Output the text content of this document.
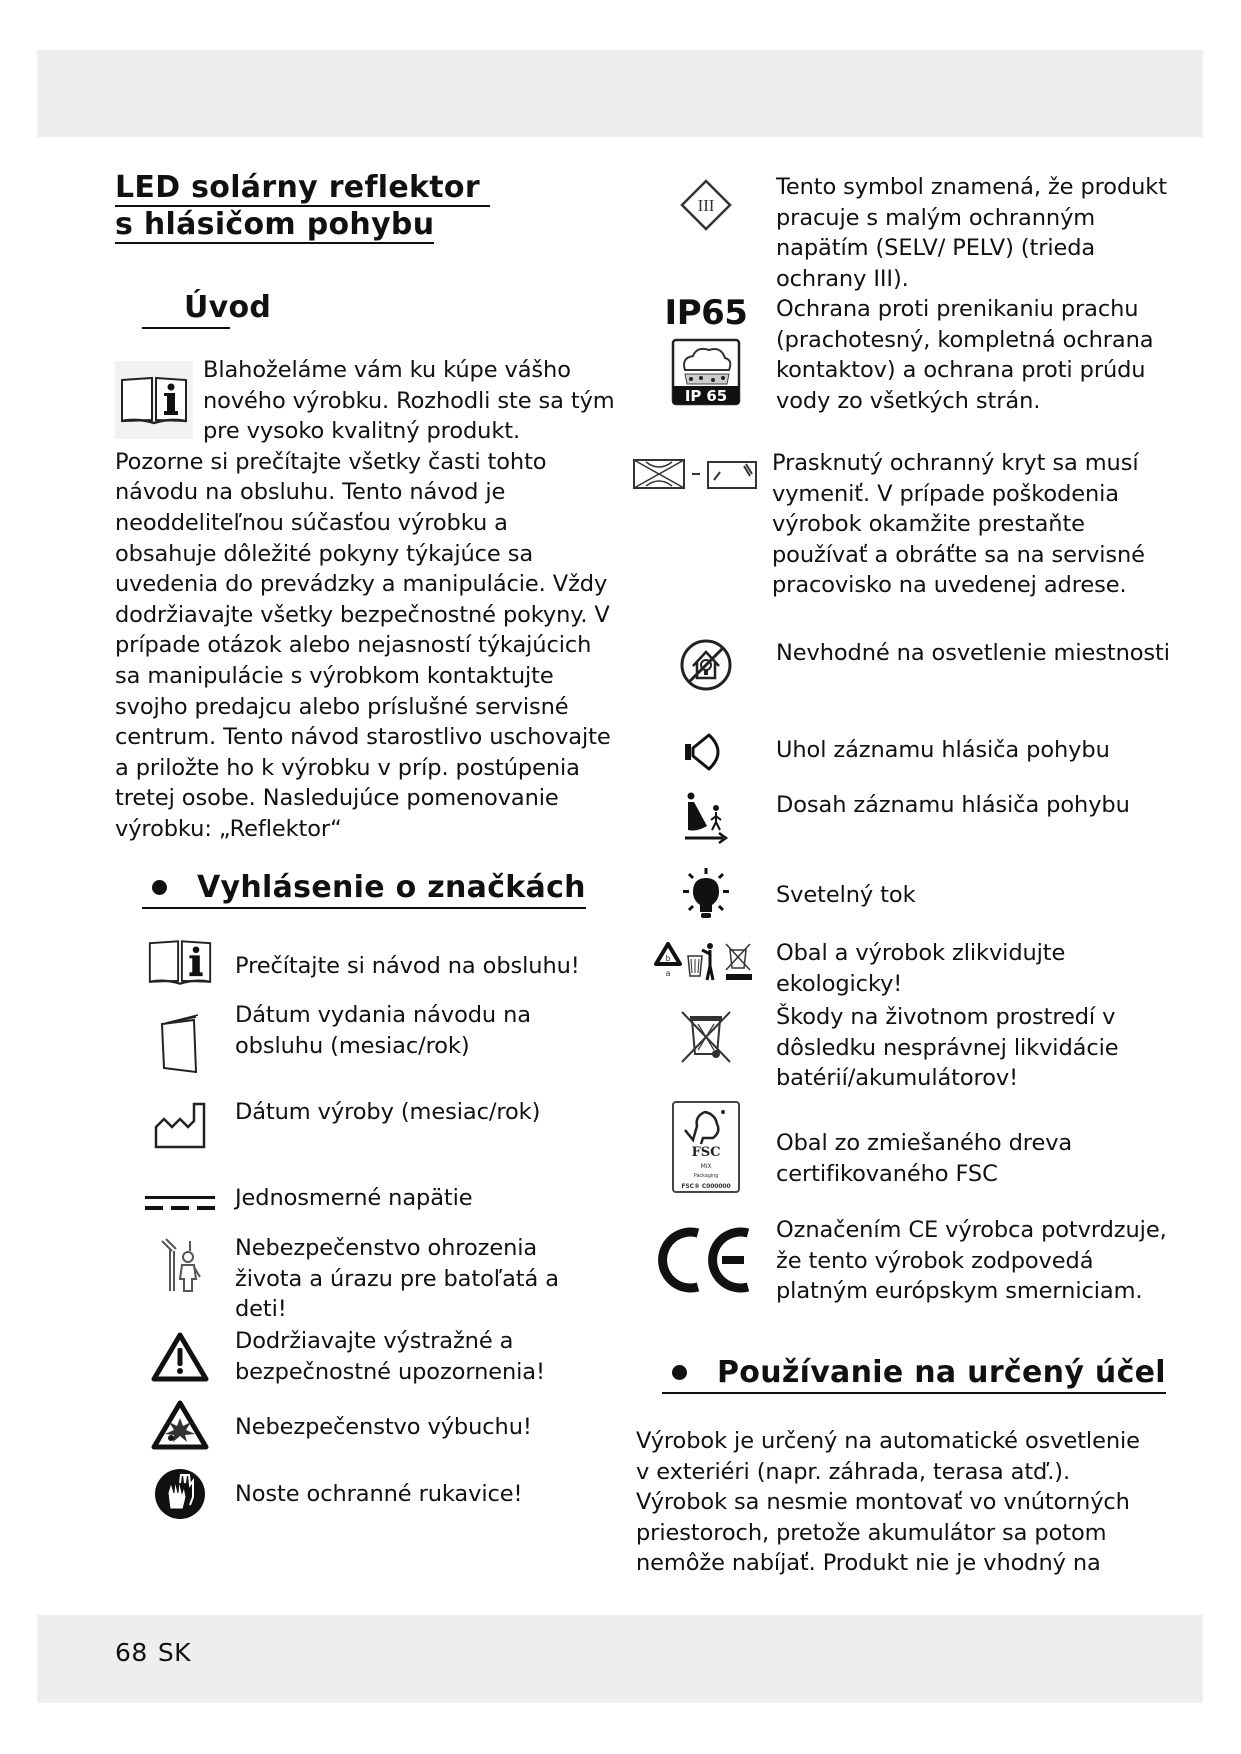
LED solárny reflektor
s hlásičom pohybu
Úvod
Blahoželáme vám ku kúpe vášho nového výrobku. Rozhodli ste sa tým pre vysoko kvalitný produkt. Pozorne si prečítajte všetky časti tohto návodu na obsluhu. Tento návod je neoddeliteľnou súčasťou výrobku a obsahuje dôležité pokyny týkajúce sa uvedenia do prevádzky a manipulácie. Vždy dodržiavajte všetky bezpečnostné pokyny. V prípade otázok alebo nejasností týkajúcich sa manipulácie s výrobkom kontaktujte svojho predajcu alebo príslušné servisné centrum. Tento návod starostlivo uschovajte a priložte ho k výrobku v príp. postúpenia tretej osobe. Nasledujúce pomenovanie výrobku: „Reflektor“
Vyhlásenie o značkách
Prečítajte si návod na obsluhu!
Dátum vydania návodu na obsluhu (mesiac/rok)
Dátum výroby (mesiac/rok)
Jednosmerné napätie
Nebezpečenstvo ohrozenia života a úrazu pre batoľatá a deti!
Dodržiavajte výstražné a bezpečnostné upozornenia!
Nebezpečenstvo výbuchu!
Noste ochranné rukavice!
III
Tento symbol znamená, že produkt pracuje s malým ochranným napätím (SELV/ PELV) (trieda ochrany III).
IP65
IP 65
Ochrana proti prenikaniu prachu (prachotesný, kompletná ochrana kontaktov) a ochrana proti prúdu vody zo všetkých strán.
Prasknutý ochranný kryt sa musí vymeniť. V prípade poškodenia výrobok okamžite prestaňte používať a obráťte sa na servisné pracovisko na uvedenej adrese.
Nevhodné na osvetlenie miestnosti
Uhol záznamu hlásiča pohybu
Dosah záznamu hlásiča pohybu
Svetelný tok
b
a
Obal a výrobok zlikvidujte ekologicky!
Škody na životnom prostredí v dôsledku nesprávnej likvidácie batérií/akumulátorov!
FSC
MIX
Packaging
FSC® C000000
Obal zo zmiešaného dreva certifikovaného FSC
Označením CE výrobca potvrdzuje, že tento výrobok zodpovedá platným európskym smerniciam.
Používanie na určený účel
Výrobok je určený na automatické osvetlenie v exteriéri (napr. záhrada, terasa atď.). Výrobok sa nesmie montovať vo vnútorných priestoroch, pretože akumulátor sa potom nemôže nabíjať. Produkt nie je vhodný na
68 SK
